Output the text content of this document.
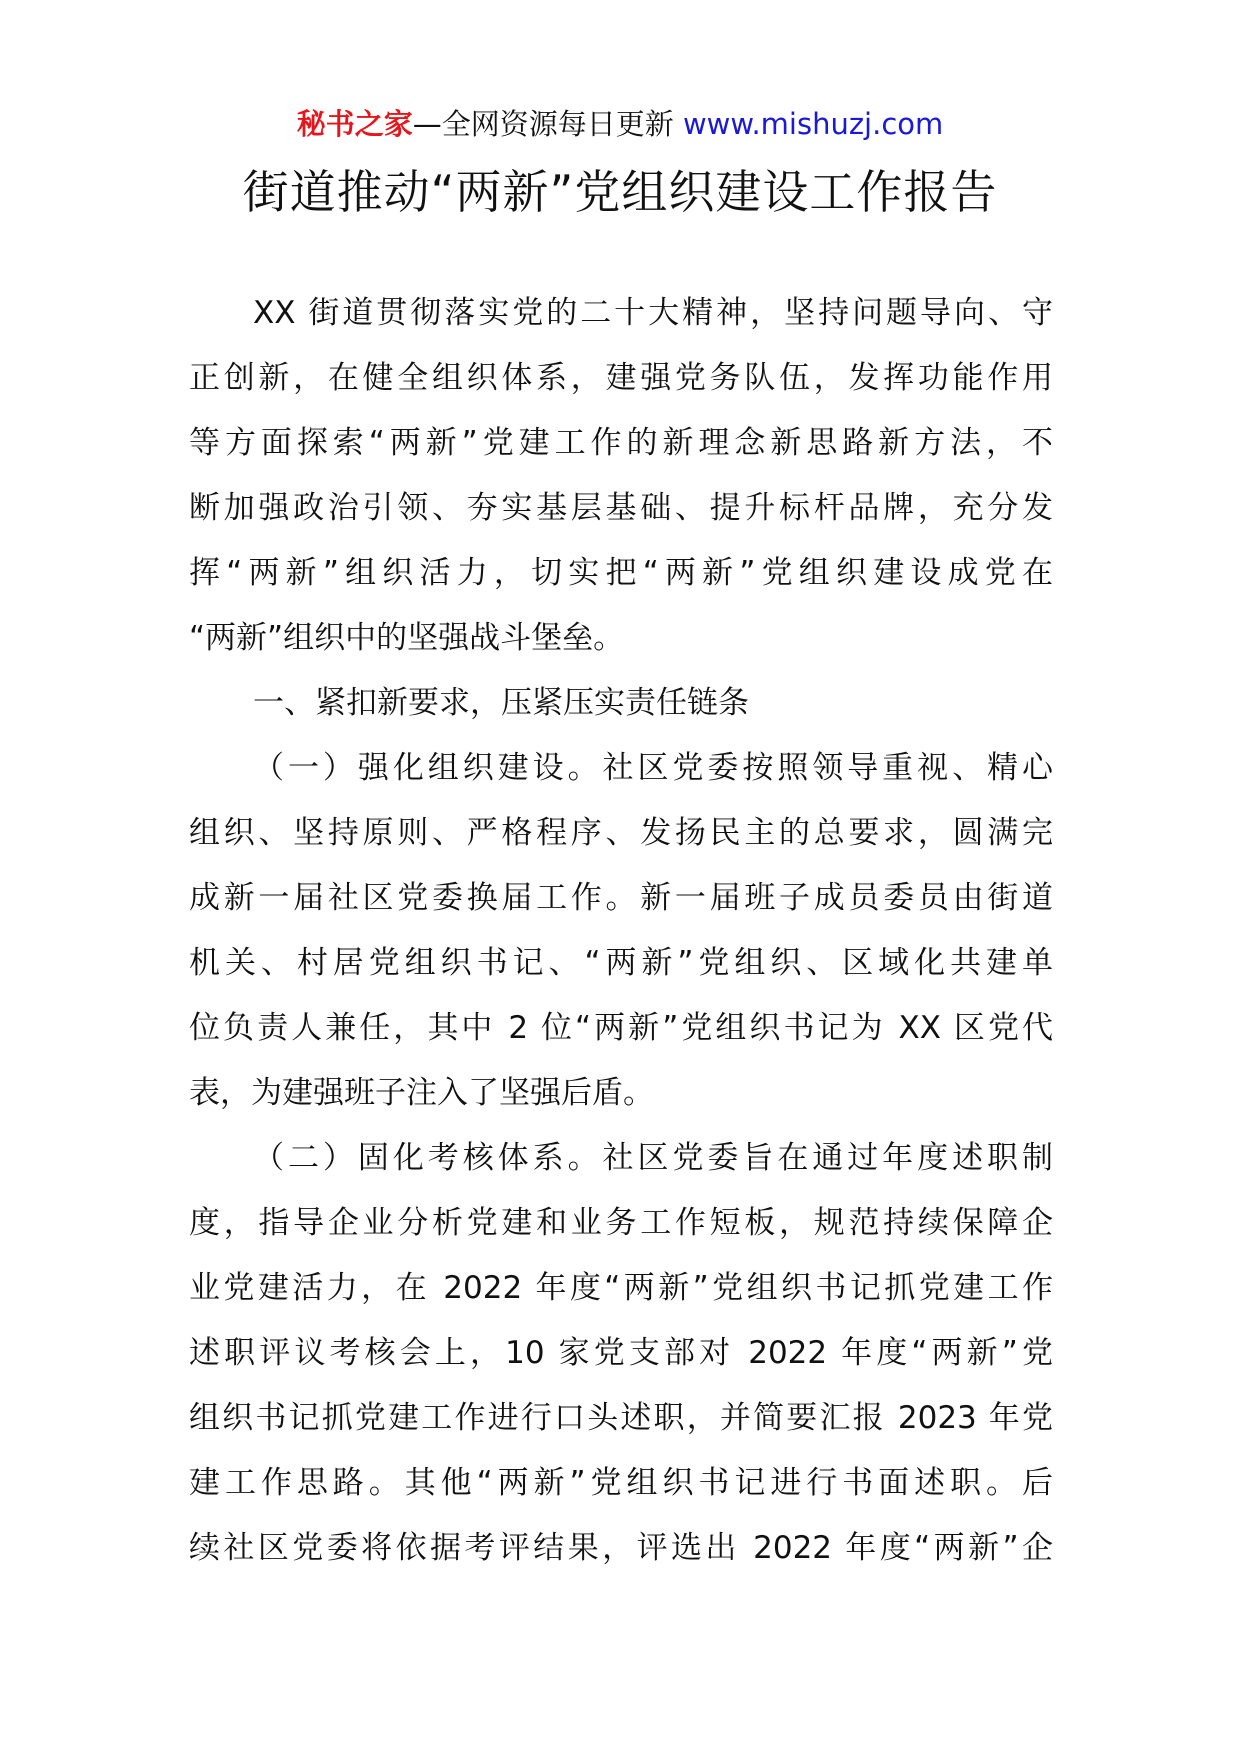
秘书之家—全网资源每日更新 www.mishuzj.com
街道推动“两新”党组织建设工作报告
XX 街道贯彻落实党的二十大精神，坚持问题导向、守
正创新，在健全组织体系，建强党务队伍，发挥功能作用
等方面探索“两新”党建工作的新理念新思路新方法，不
断加强政治引领、夯实基层基础、提升标杆品牌，充分发
挥“两新”组织活力，切实把“两新”党组织建设成党在
“两新”组织中的坚强战斗堡垒。
一、紧扣新要求，压紧压实责任链条
（一）强化组织建设。社区党委按照领导重视、精心
组织、坚持原则、严格程序、发扬民主的总要求，圆满完
成新一届社区党委换届工作。新一届班子成员委员由街道
机关、村居党组织书记、“两新”党组织、区域化共建单
位负责人兼任，其中 2 位“两新”党组织书记为 XX 区党代
表，为建强班子注入了坚强后盾。
（二）固化考核体系。社区党委旨在通过年度述职制
度，指导企业分析党建和业务工作短板，规范持续保障企
业党建活力，在 2022 年度“两新”党组织书记抓党建工作
述职评议考核会上，10 家党支部对 2022 年度“两新”党
组织书记抓党建工作进行口头述职，并简要汇报 2023 年党
建工作思路。其他“两新”党组织书记进行书面述职。后
续社区党委将依据考评结果，评选出 2022 年度“两新”企
